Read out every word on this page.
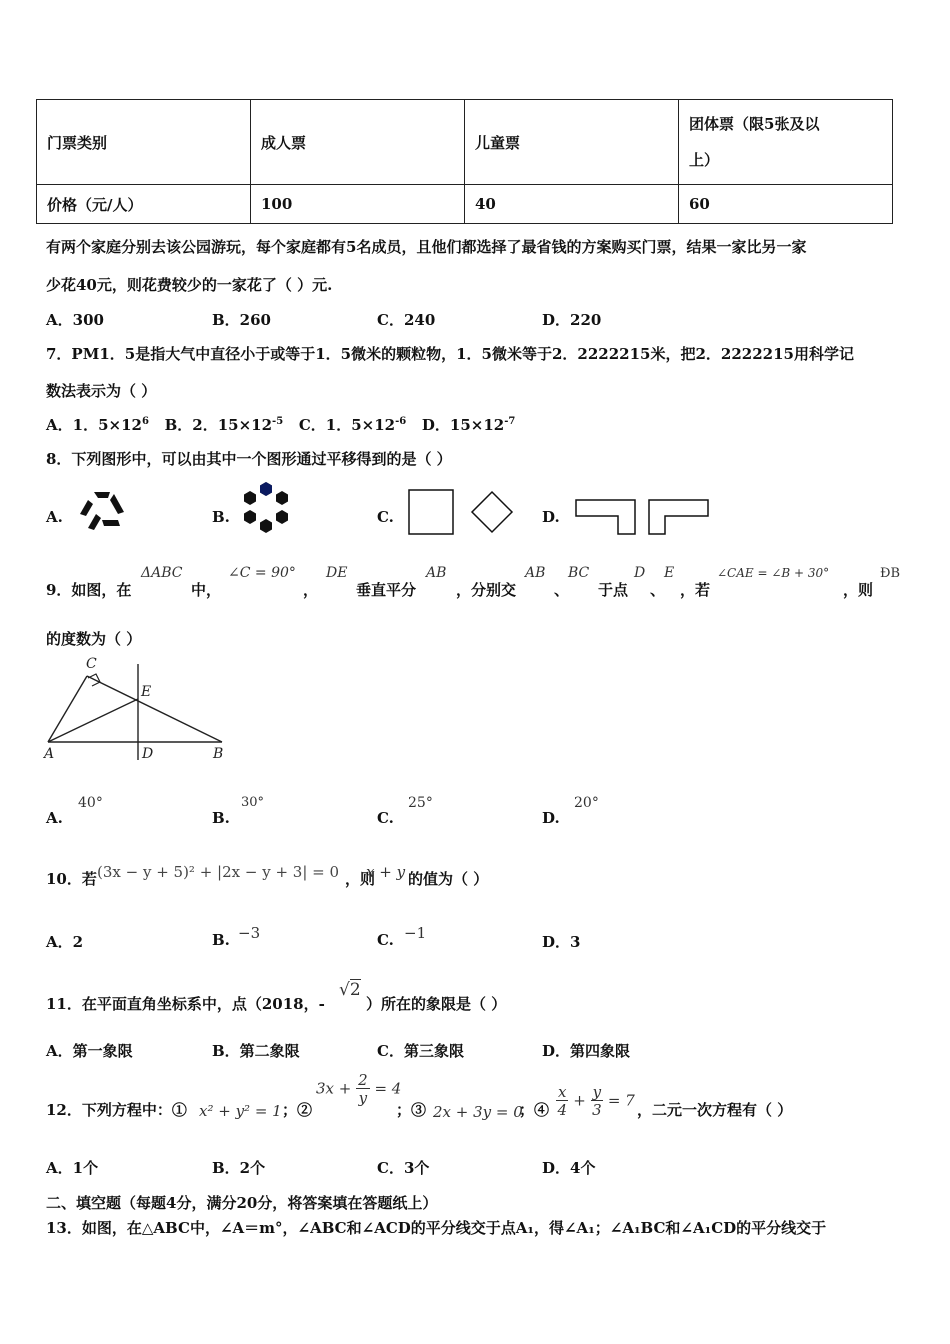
门票类别	成人票	儿童票	团体票（限5张及以
上）
价格（元/人）	100	40	60
有两个家庭分别去该公园游玩，每个家庭都有5名成员，且他们都选择了最省钱的方案购买门票，结果一家比另一家
少花40元，则花费较少的一家花了（ ）元.
A．300	B．260	C．240	D．220
7．PM1．5是指大气中直径小于或等于1．5微米的颗粒物，1．5微米等于2．2222215米，把2．2222215用科学记
数法表示为（ ）
A．1．$5\times 12^6$ B．2．$15\times 12^{-5}$ C．1．$5\times 12^{-6}$ D．$15\times 12^{-7}$
8．下列图形中，可以由其中一个图形通过平移得到的是（ ）
A.	B.	C.	D.
9．如图，在
ΔABC
中，
∠C = 90°
，
DE
垂直平分
AB
，分别交
AB
、
BC
于点
D
、
E
，若
∠CAE = ∠B + 30°
，则
ÐB
的度数为（ ）
C
E
A	D	B
A.
40°
B.
30°
C.
25°
D.
20°
10．若 (3x − y + 5)² + |2x − y + 3| = 0 ，则
x + y 的值为（ ）
A．2	B. −3	C. −1	D．3
11．在平面直角坐标系中，点（2018，-
√2
）所在的象限是（ ）
A．第一象限	B．第二象限	C．第三象限	D．第四象限
12．下列方程中：① x² + y² = 1 ；②
$3x + \frac{2}{y} = 4$
；③ 2x + 3y = 0
；④ $\frac{x}{4} + \frac{y}{3} = 7$
，二元一次方程有（ ）
A．1个	B．2个	C．3个	D．4个
二、填空题（每题4分，满分20分，将答案填在答题纸上）
13．如图，在△ABC中，∠A＝m°，∠ABC和∠ACD的平分线交于点A₁，得∠A₁；∠A₁BC和∠A₁CD的平分线交于
